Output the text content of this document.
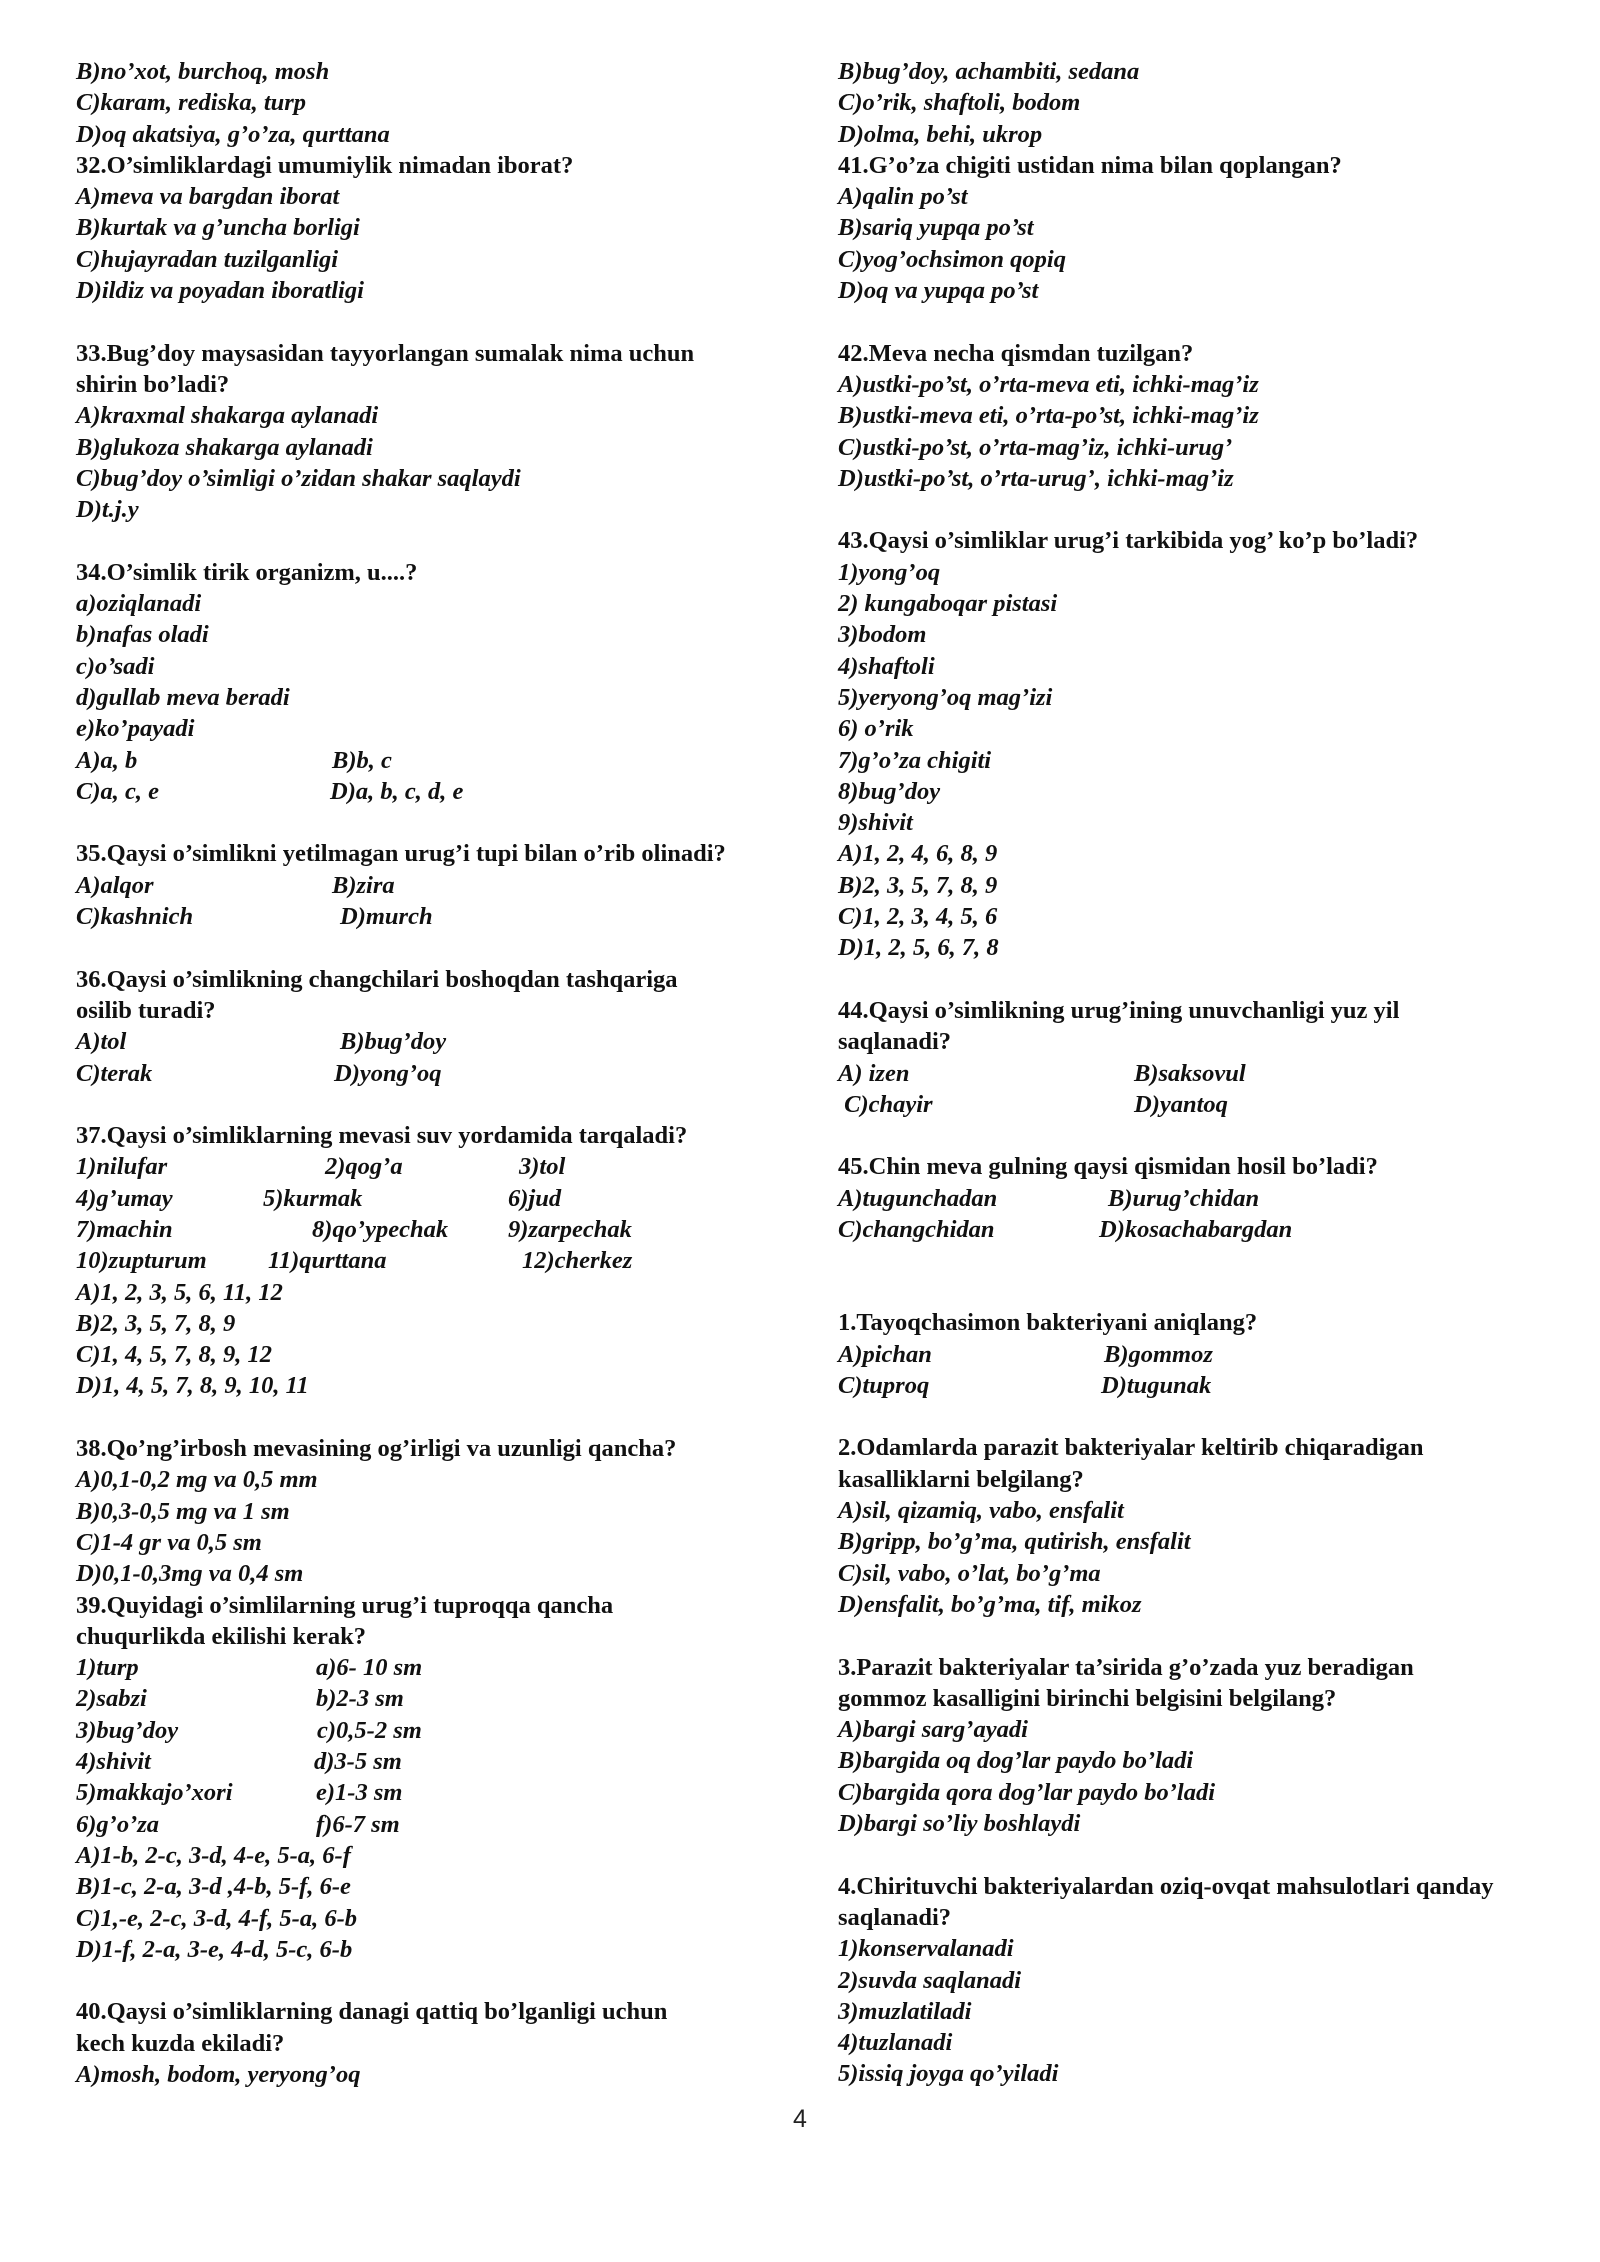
B)no’xot, burchoq, mosh
C)karam, rediska, turp
D)oq akatsiya, g’o’za, qurttana
32.O’simliklardagi umumiylik nimadan iborat?
A)meva va bargdan iborat
B)kurtak va g’uncha borligi
C)hujayradan tuzilganligi
D)ildiz va poyadan iboratligi
33.Bug’doy maysasidan tayyorlangan sumalak nima uchun
shirin bo’ladi?
A)kraxmal shakarga aylanadi
B)glukoza shakarga aylanadi
C)bug’doy o’simligi o’zidan shakar saqlaydi
D)t.j.y
34.O’simlik tirik organizm, u....?
a)oziqlanadi
b)nafas oladi
c)o’sadi
d)gullab meva beradi
e)ko’payadi
A)a, b	B)b, c
C)a, c, e	D)a, b, c, d, e
35.Qaysi o’simlikni yetilmagan urug’i tupi bilan o’rib olinadi?
A)alqor	B)zira
C)kashnich	D)murch
36.Qaysi o’simlikning changchilari boshoqdan tashqariga
osilib turadi?
A)tol	B)bug’doy
C)terak	D)yong’oq
37.Qaysi o’simliklarning mevasi suv yordamida tarqaladi?
1)nilufar	2)qog’a	3)tol
4)g’umay	5)kurmak	6)jud
7)machin	8)qo’ypechak	9)zarpechak
10)zupturum	11)qurttana	12)cherkez
A)1, 2, 3, 5, 6, 11, 12
B)2, 3, 5, 7, 8, 9
C)1, 4, 5, 7, 8, 9, 12
D)1, 4, 5, 7, 8, 9, 10, 11
38.Qo’ng’irbosh mevasining og’irligi va uzunligi qancha?
A)0,1-0,2 mg va 0,5 mm
B)0,3-0,5 mg va 1 sm
C)1-4 gr va 0,5 sm
D)0,1-0,3mg va 0,4 sm
39.Quyidagi o’simlilarning urug’i tuproqqa qancha
chuqurlikda ekilishi kerak?
1)turp	a)6- 10 sm
2)sabzi	b)2-3 sm
3)bug’doy	c)0,5-2 sm
4)shivit	d)3-5 sm
5)makkajo’xori	e)1-3 sm
6)g’o’za	f)6-7 sm
A)1-b, 2-c, 3-d, 4-e, 5-a, 6-f
B)1-c, 2-a, 3-d ,4-b, 5-f, 6-e
C)1,-e, 2-c, 3-d, 4-f, 5-a, 6-b
D)1-f, 2-a, 3-e, 4-d, 5-c, 6-b
40.Qaysi o’simliklarning danagi qattiq bo’lganligi uchun
kech kuzda ekiladi?
A)mosh, bodom, yeryong’oq
B)bug’doy, achambiti, sedana
C)o’rik, shaftoli, bodom
D)olma, behi, ukrop
41.G’o’za chigiti ustidan nima bilan qoplangan?
A)qalin po’st
B)sariq yupqa po’st
C)yog’ochsimon qopiq
D)oq va yupqa po’st
42.Meva necha qismdan tuzilgan?
A)ustki-po’st, o’rta-meva eti, ichki-mag’iz
B)ustki-meva eti, o’rta-po’st, ichki-mag’iz
C)ustki-po’st, o’rta-mag’iz, ichki-urug’
D)ustki-po’st, o’rta-urug’, ichki-mag’iz
43.Qaysi o’simliklar urug’i tarkibida yog’ ko’p bo’ladi?
1)yong’oq
2) kungaboqar pistasi
3)bodom
4)shaftoli
5)yeryong’oq mag’izi
6) o’rik
7)g’o’za chigiti
8)bug’doy
9)shivit
A)1, 2, 4, 6, 8, 9
B)2, 3, 5, 7, 8, 9
C)1, 2, 3, 4, 5, 6
D)1, 2, 5, 6, 7, 8
44.Qaysi o’simlikning urug’ining unuvchanligi yuz yil
saqlanadi?
A) izen	B)saksovul
C)chayir	D)yantoq
45.Chin meva gulning qaysi qismidan hosil bo’ladi?
A)tugunchadan	B)urug’chidan
C)changchidan	D)kosachabargdan
1.Tayoqchasimon bakteriyani aniqlang?
A)pichan	B)gommoz
C)tuproq	D)tugunak
2.Odamlarda parazit bakteriyalar keltirib chiqaradigan
kasalliklarni belgilang?
A)sil, qizamiq, vabo, ensfalit
B)gripp, bo’g’ma, qutirish, ensfalit
C)sil, vabo, o’lat, bo’g’ma
D)ensfalit, bo’g’ma, tif, mikoz
3.Parazit bakteriyalar ta’sirida g’o’zada yuz beradigan
gommoz kasalligini birinchi belgisini belgilang?
A)bargi sarg’ayadi
B)bargida oq dog’lar paydo bo’ladi
C)bargida qora dog’lar paydo bo’ladi
D)bargi so’liy boshlaydi
4.Chirituvchi bakteriyalardan oziq-ovqat mahsulotlari qanday
saqlanadi?
1)konservalanadi
2)suvda saqlanadi
3)muzlatiladi
4)tuzlanadi
5)issiq joyga qo’yiladi
4
